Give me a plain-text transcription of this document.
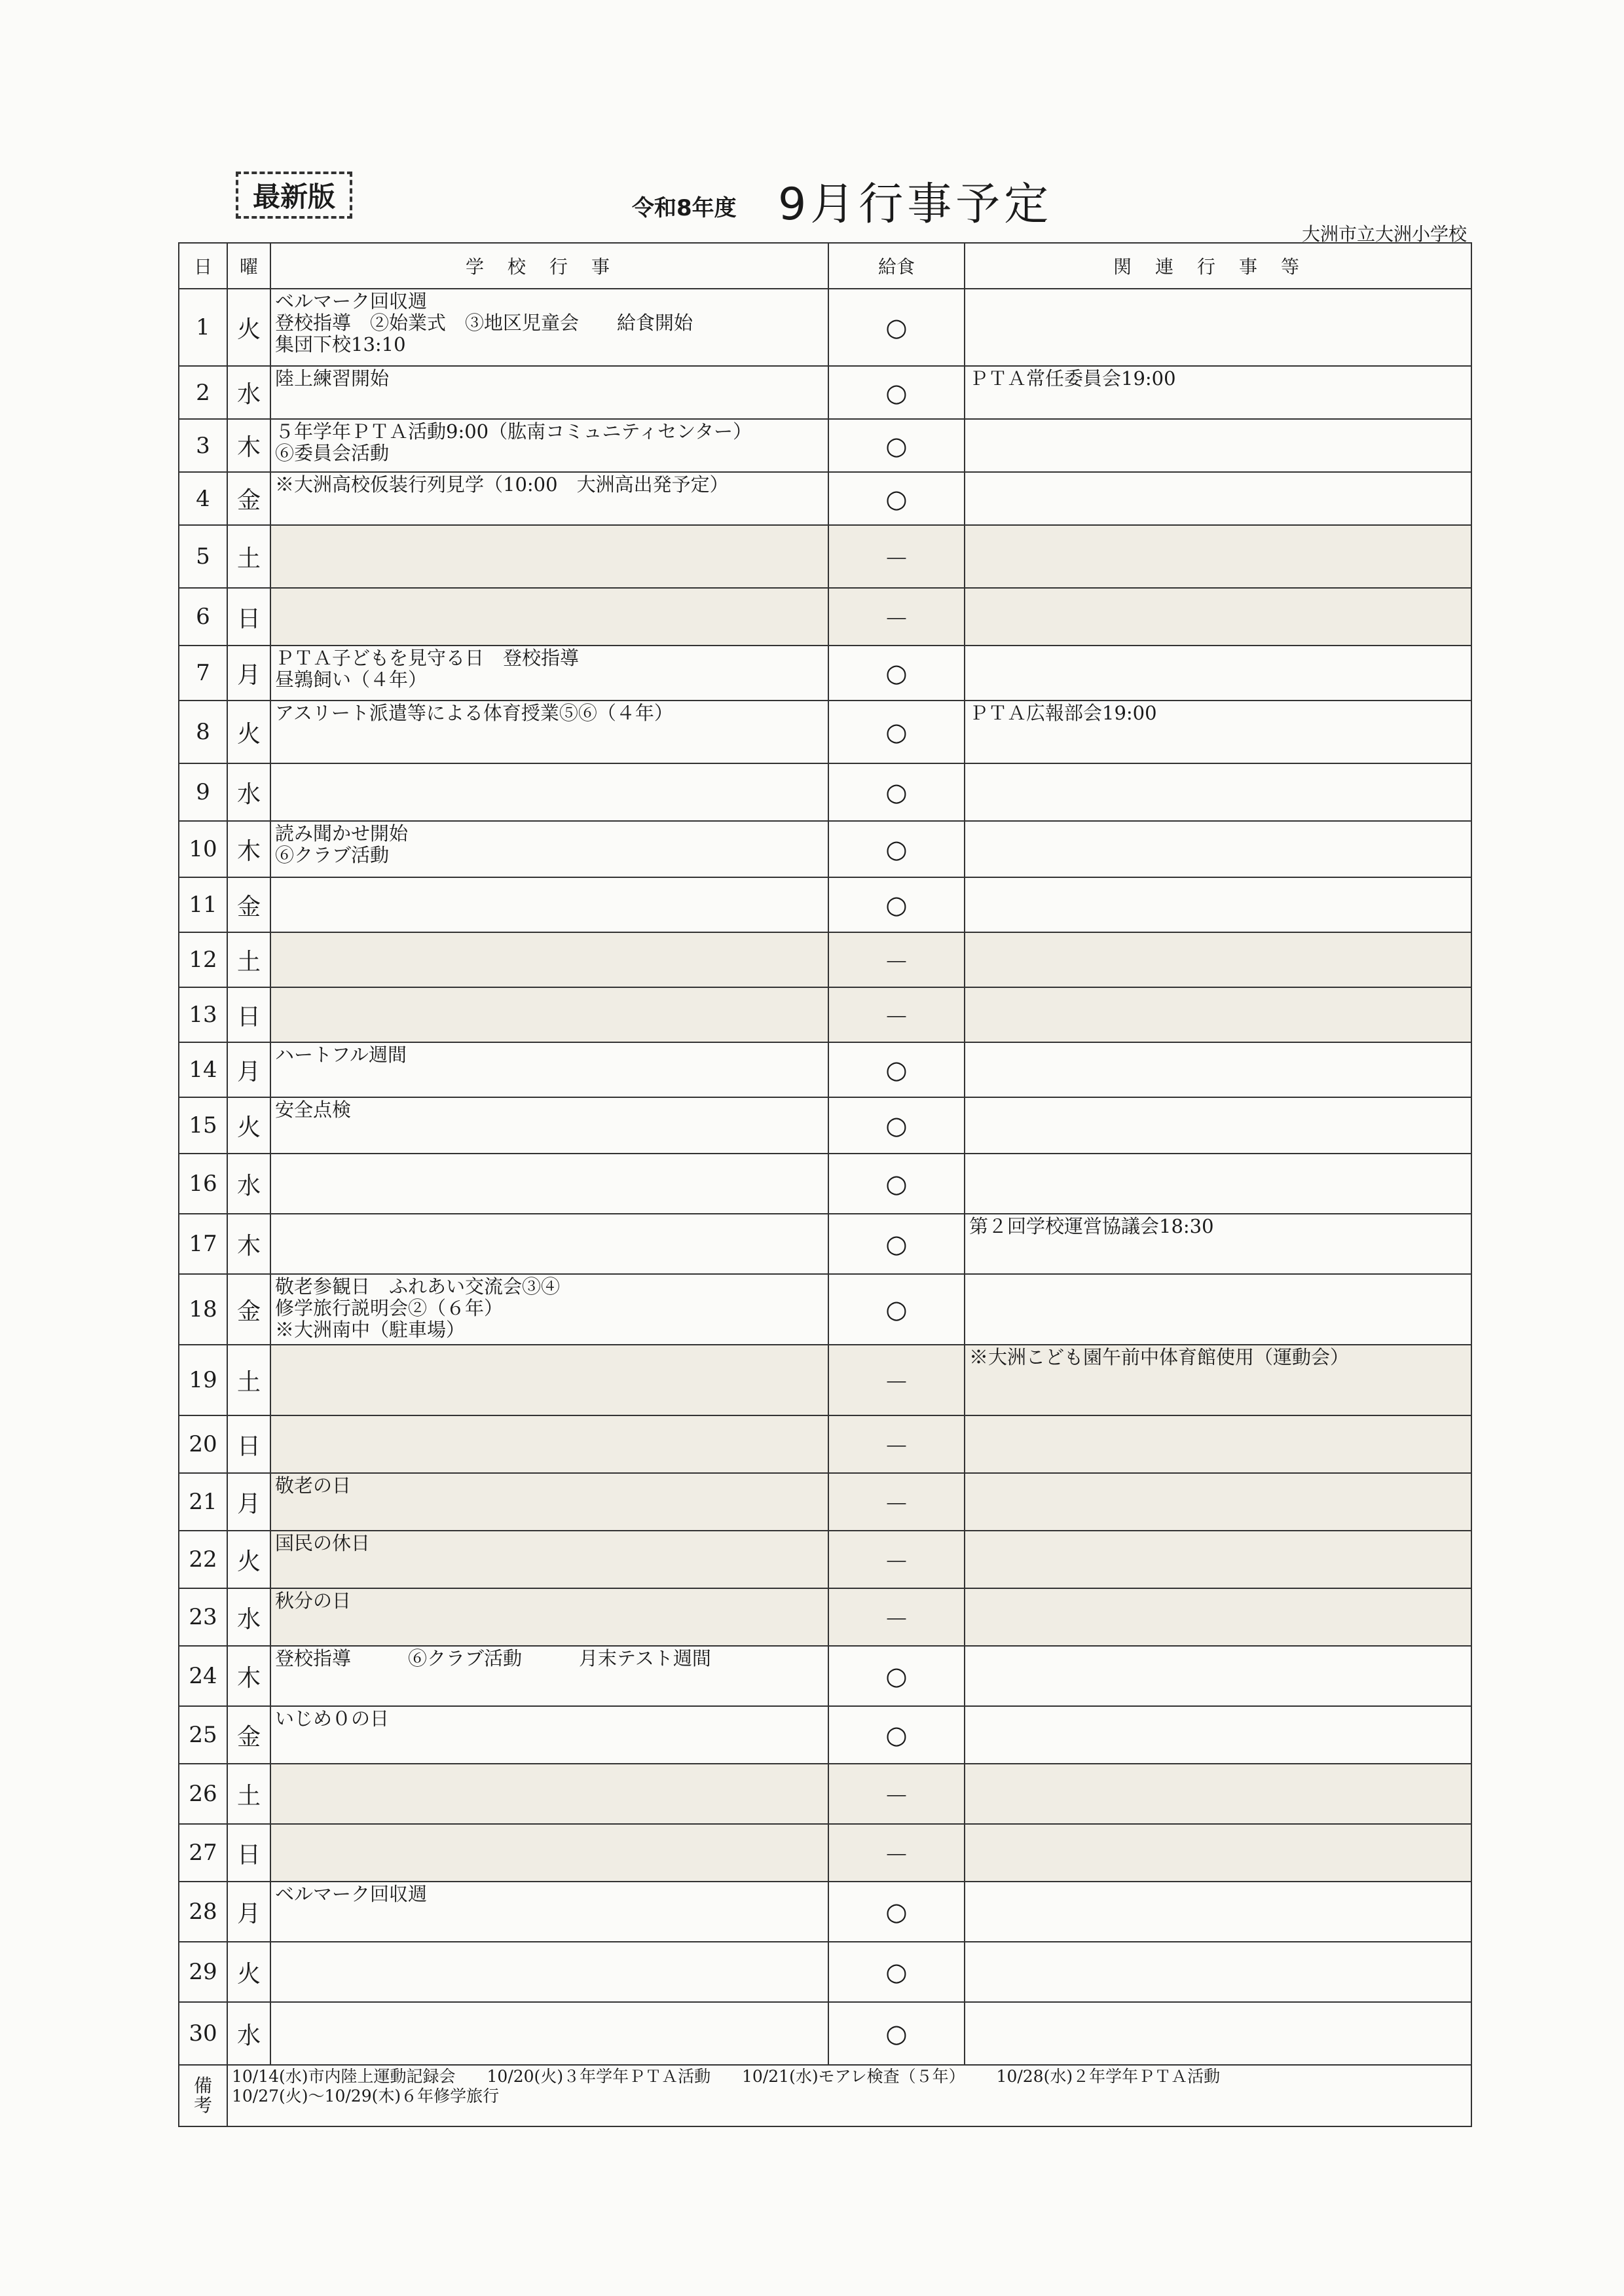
最新版	令和8年度 9月行事予定
大洲市立大洲小学校
日	曜	学校行事	給食	関連行事等
1	火	ベルマーク回収週
登校指導　②始業式　③地区児童会　　給食開始
集団下校13:10	○	
2	水	陸上練習開始	○	ＰＴＡ常任委員会19:00

3	木	５年学年ＰＴＡ活動9:00（肱南コミュニティセンター）
⑥委員会活動	○	
4	金	※大洲高校仮装行列見学（10:00　大洲高出発予定）	○	
5	土		－	
6	日		－	
7	月	ＰＴＡ子どもを見守る日　登校指導
昼鶉飼い（４年）	○	
8	火	アスリート派遣等による体育授業⑤⑥（４年）	○	ＰＴＡ広報部会19:00

9	水		○	
10	木	読み聞かせ開始
⑥クラブ活動	○	
11	金		○	
12	土		－	
13	日		－	
14	月	ハートフル週間	○	
15	火	安全点検	○	
16	水		○	
17	木		○	第２回学校運営協議会18:30

18	金	敬老参観日　ふれあい交流会③④
修学旅行説明会②（６年）
※大洲南中（駐車場）	○	
19	土		－	※大洲こども園午前中体育館使用（運動会）

20	日		－	
21	月	敬老の日	－	
22	火	国民の休日	－	
23	水	秋分の日	－	
24	木	登校指導　　　⑥クラブ活動　　　月末テスト週間	○	
25	金	いじめ０の日	○	
26	土		－	
27	日		－	
28	月	ベルマーク回収週	○	
29	火		○	
30	水		○	

備
考	10/14(水)市内陸上運動記録会 10/20(火)３年学年ＰＴＡ活動 10/21(水)モアレ検査（５年） 10/28(水)２年学年ＰＴＡ活動
10/27(火)～10/29(木)６年修学旅行			
